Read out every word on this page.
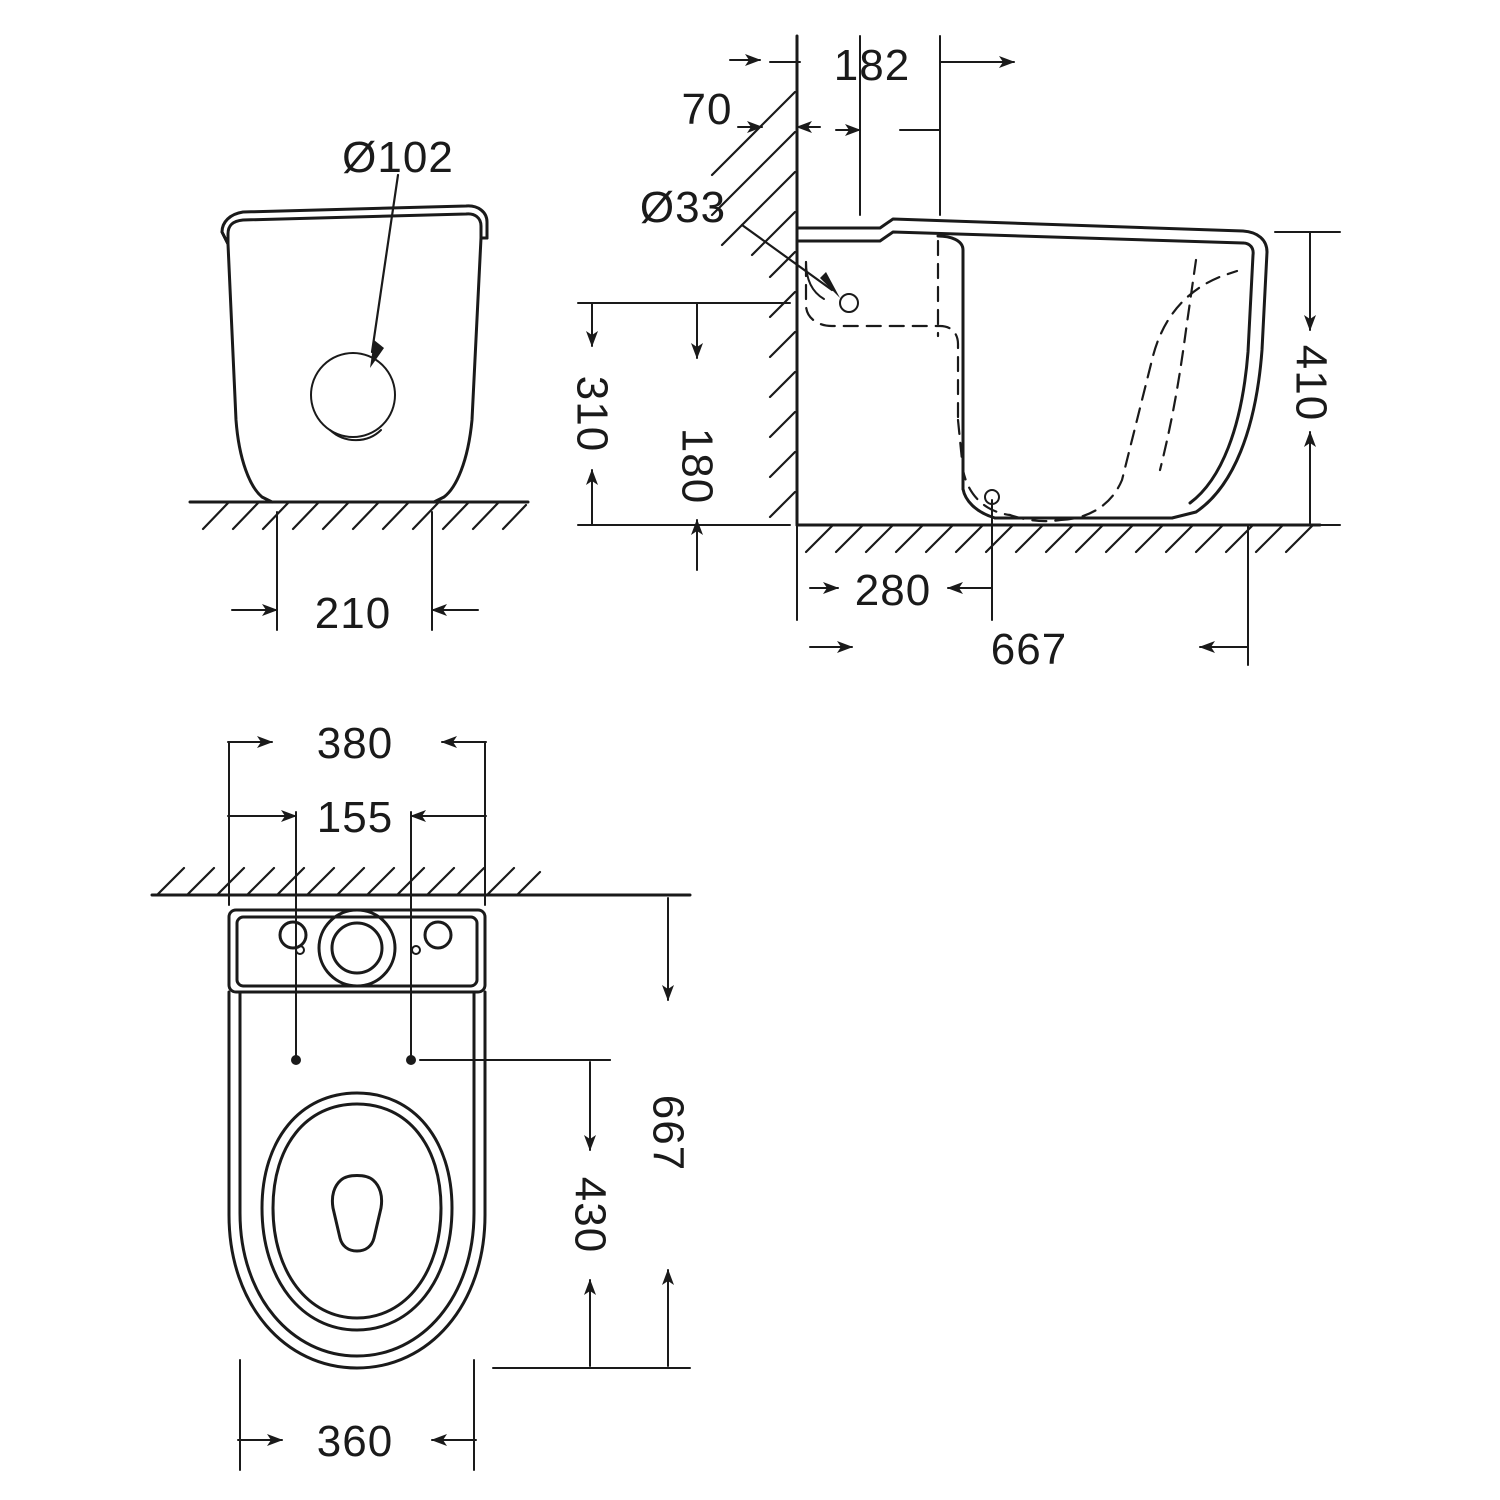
Ø102
210
70
182
Ø33
310
180
410
280
667
380
155
667
430
360
